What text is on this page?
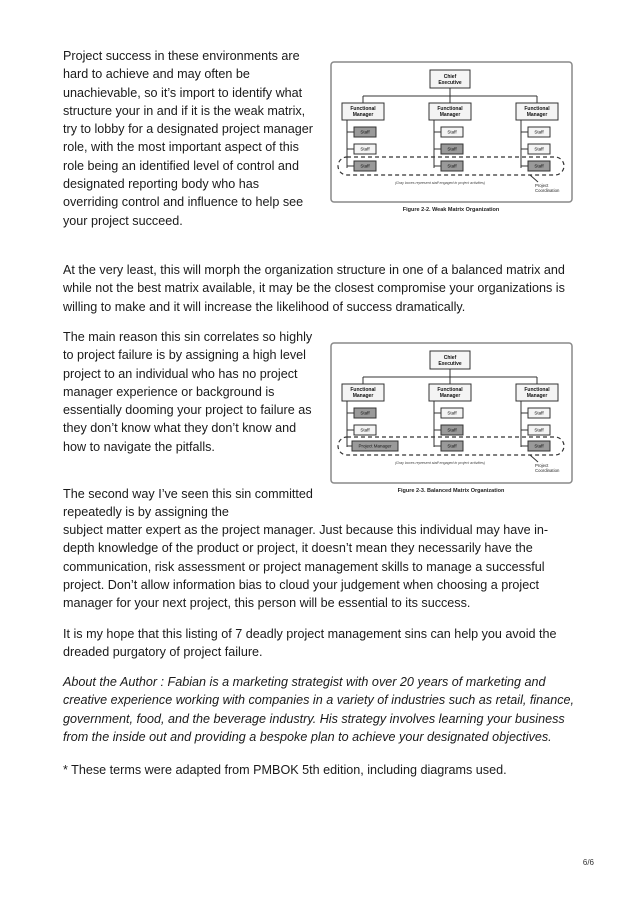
Project success in these environments are hard to achieve and may often be unachievable, so it’s import to identify what structure your in and if it is the weak matrix, try to lobby for a designated project manager role, with the most important aspect of this role being an identified level of control and designated reporting body who has overriding control and influence to help see your project succeed.

At the very least, this will morph the organization structure in one of a balanced matrix and while not the best matrix available, it may be the closest compromise your organizations is willing to make and it will increase the likelihood of success dramatically.

The main reason this sin correlates so highly to project failure is by assigning a high level project to an individual who has no project manager experience or background is essentially dooming your project to failure as they don’t know what they don’t know and how to navigate the pitfalls.

The second way I’ve seen this sin committed repeatedly is by assigning the

subject matter expert as the project manager. Just because this individual may have in-depth knowledge of the product or project, it doesn’t mean they necessarily have the communication, risk assessment or project management skills to manage a successful project. Don’t allow information bias to cloud your judgement when choosing a project manager for your next project, this person will be essential to its success.

It is my hope that this listing of 7 deadly project management sins can help you avoid the dreaded purgatory of project failure.

About the Author : Fabian is a marketing strategist with over 20 years of marketing and creative experience working with companies in a variety of industries such as retail, finance, government, food, and the beverage industry. His strategy involves learning your business from the inside out and providing a bespoke plan to achieve your designated objectives.

* These terms were adapted from PMBOK 5th edition, including diagrams used.

Chief
Executive
Functional
Manager
Functional
Manager
Functional
Manager
Staff
Staff
Staff
Staff
Staff
Staff
Staff
Staff
Staff
(Gray boxes represent staff engaged in project activities)	Project
Coordination
Figure 2-2. Weak Matrix Organization
Chief
Executive
Functional
Manager
Functional
Manager
Functional
Manager
Staff
Staff
Project Manager
Staff
Staff
Staff
Staff
Staff
Staff
(Gray boxes represent staff engaged in project activities)	Project
Coordination
Figure 2-3. Balanced Matrix Organization
6/6
